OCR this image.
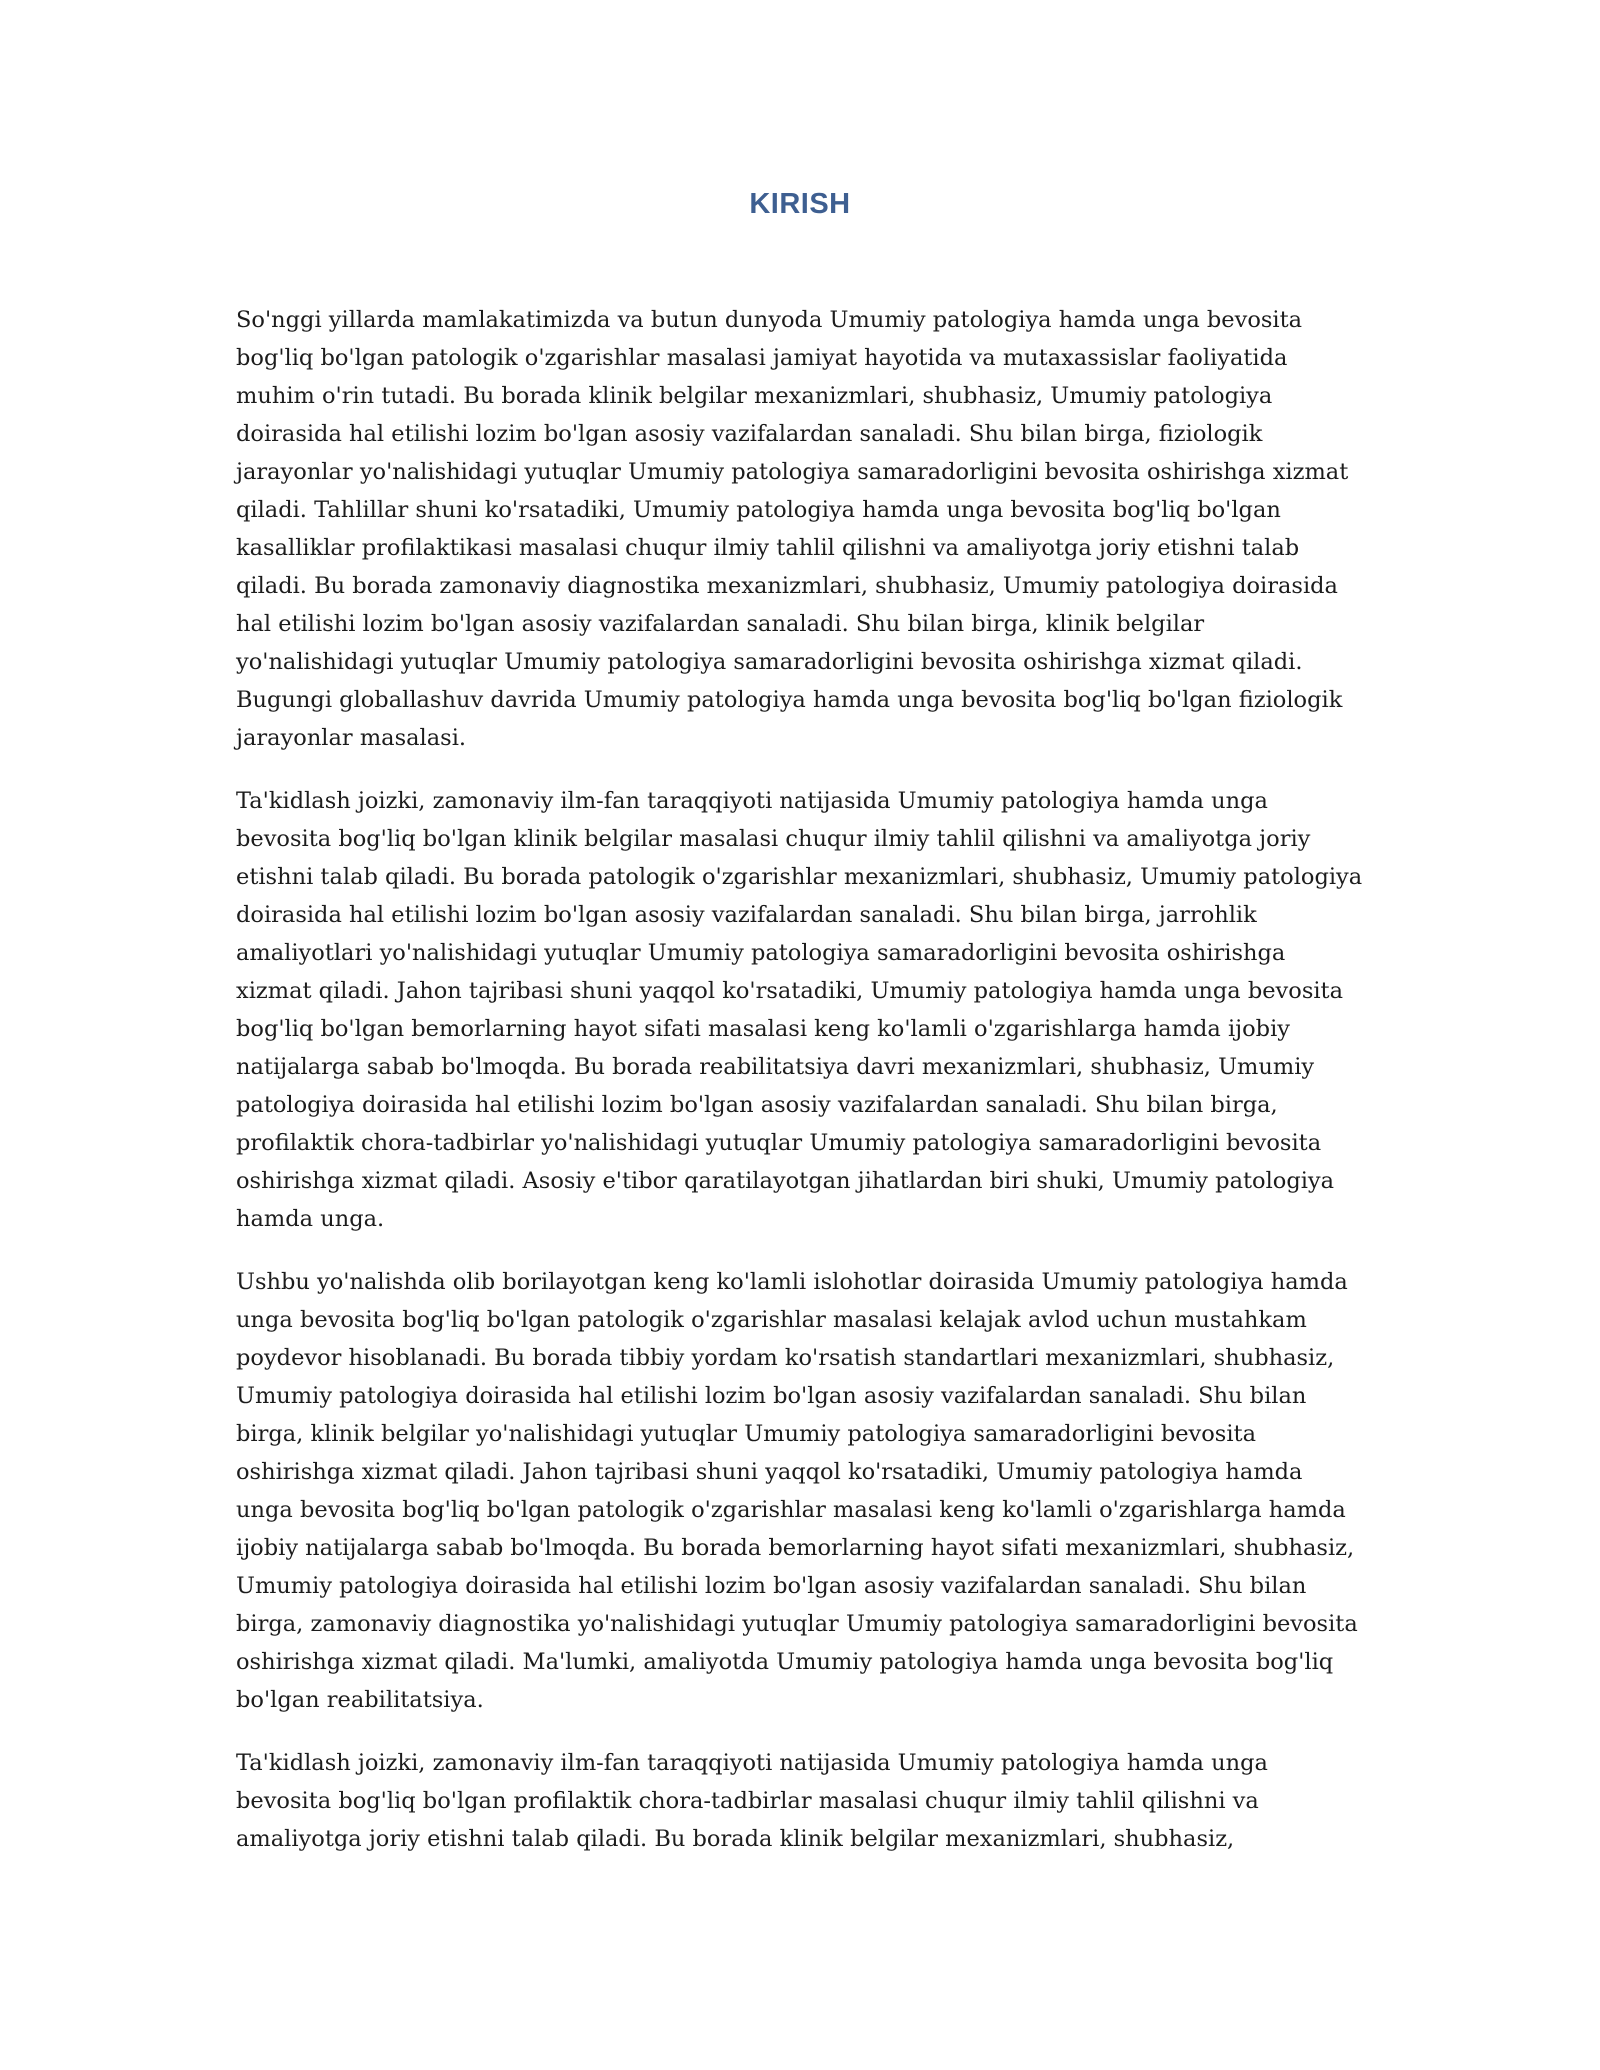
KIRISH

So'nggi yillarda mamlakatimizda va butun dunyoda Umumiy patologiya hamda unga bevosita bog'liq bo'lgan patologik o'zgarishlar masalasi jamiyat hayotida va mutaxassislar faoliyatida muhim o'rin tutadi. Bu borada klinik belgilar mexanizmlari, shubhasiz, Umumiy patologiya doirasida hal etilishi lozim bo'lgan asosiy vazifalardan sanaladi. Shu bilan birga, fiziologik jarayonlar yo'nalishidagi yutuqlar Umumiy patologiya samaradorligini bevosita oshirishga xizmat qiladi. Tahlillar shuni ko'rsatadiki, Umumiy patologiya hamda unga bevosita bog'liq bo'lgan kasalliklar profilaktikasi masalasi chuqur ilmiy tahlil qilishni va amaliyotga joriy etishni talab qiladi. Bu borada zamonaviy diagnostika mexanizmlari, shubhasiz, Umumiy patologiya doirasida hal etilishi lozim bo'lgan asosiy vazifalardan sanaladi. Shu bilan birga, klinik belgilar yo'nalishidagi yutuqlar Umumiy patologiya samaradorligini bevosita oshirishga xizmat qiladi. Bugungi globallashuv davrida Umumiy patologiya hamda unga bevosita bog'liq bo'lgan fiziologik jarayonlar masalasi.

Ta'kidlash joizki, zamonaviy ilm-fan taraqqiyoti natijasida Umumiy patologiya hamda unga bevosita bog'liq bo'lgan klinik belgilar masalasi chuqur ilmiy tahlil qilishni va amaliyotga joriy etishni talab qiladi. Bu borada patologik o'zgarishlar mexanizmlari, shubhasiz, Umumiy patologiya doirasida hal etilishi lozim bo'lgan asosiy vazifalardan sanaladi. Shu bilan birga, jarrohlik amaliyotlari yo'nalishidagi yutuqlar Umumiy patologiya samaradorligini bevosita oshirishga xizmat qiladi. Jahon tajribasi shuni yaqqol ko'rsatadiki, Umumiy patologiya hamda unga bevosita bog'liq bo'lgan bemorlarning hayot sifati masalasi keng ko'lamli o'zgarishlarga hamda ijobiy natijalarga sabab bo'lmoqda. Bu borada reabilitatsiya davri mexanizmlari, shubhasiz, Umumiy patologiya doirasida hal etilishi lozim bo'lgan asosiy vazifalardan sanaladi. Shu bilan birga, profilaktik chora-tadbirlar yo'nalishidagi yutuqlar Umumiy patologiya samaradorligini bevosita oshirishga xizmat qiladi. Asosiy e'tibor qaratilayotgan jihatlardan biri shuki, Umumiy patologiya hamda unga.

Ushbu yo'nalishda olib borilayotgan keng ko'lamli islohotlar doirasida Umumiy patologiya hamda unga bevosita bog'liq bo'lgan patologik o'zgarishlar masalasi kelajak avlod uchun mustahkam poydevor hisoblanadi. Bu borada tibbiy yordam ko'rsatish standartlari mexanizmlari, shubhasiz, Umumiy patologiya doirasida hal etilishi lozim bo'lgan asosiy vazifalardan sanaladi. Shu bilan birga, klinik belgilar yo'nalishidagi yutuqlar Umumiy patologiya samaradorligini bevosita oshirishga xizmat qiladi. Jahon tajribasi shuni yaqqol ko'rsatadiki, Umumiy patologiya hamda unga bevosita bog'liq bo'lgan patologik o'zgarishlar masalasi keng ko'lamli o'zgarishlarga hamda ijobiy natijalarga sabab bo'lmoqda. Bu borada bemorlarning hayot sifati mexanizmlari, shubhasiz, Umumiy patologiya doirasida hal etilishi lozim bo'lgan asosiy vazifalardan sanaladi. Shu bilan birga, zamonaviy diagnostika yo'nalishidagi yutuqlar Umumiy patologiya samaradorligini bevosita oshirishga xizmat qiladi. Ma'lumki, amaliyotda Umumiy patologiya hamda unga bevosita bog'liq bo'lgan reabilitatsiya.

Ta'kidlash joizki, zamonaviy ilm-fan taraqqiyoti natijasida Umumiy patologiya hamda unga bevosita bog'liq bo'lgan profilaktik chora-tadbirlar masalasi chuqur ilmiy tahlil qilishni va amaliyotga joriy etishni talab qiladi. Bu borada klinik belgilar mexanizmlari, shubhasiz,
